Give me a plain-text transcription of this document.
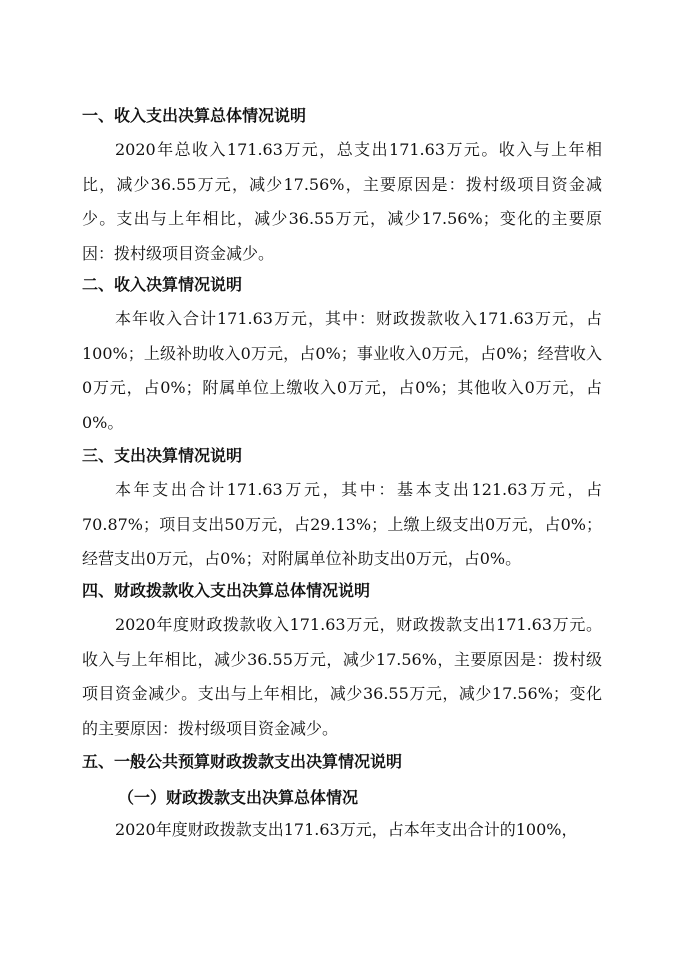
一、收入支出决算总体情况说明
2020年总收入171.63万元，总支出171.63万元。收入与上年相比，减少36.55万元，减少17.56%，主要原因是：拨村级项目资金减少。支出与上年相比，减少36.55万元，减少17.56%；变化的主要原因：拨村级项目资金减少。
二、收入决算情况说明
本年收入合计171.63万元，其中：财政拨款收入171.63万元，占100%；上级补助收入0万元，占0%；事业收入0万元，占0%；经营收入0万元，占0%；附属单位上缴收入0万元，占0%；其他收入0万元，占0%。
三、支出决算情况说明
本年支出合计171.63万元，其中：基本支出121.63万元，占70.87%；项目支出50万元，占29.13%；上缴上级支出0万元，占0%；经营支出0万元，占0%；对附属单位补助支出0万元，占0%。
四、财政拨款收入支出决算总体情况说明
2020年度财政拨款收入171.63万元，财政拨款支出171.63万元。收入与上年相比，减少36.55万元，减少17.56%，主要原因是：拨村级项目资金减少。支出与上年相比，减少36.55万元，减少17.56%；变化的主要原因：拨村级项目资金减少。
五、一般公共预算财政拨款支出决算情况说明
（一）财政拨款支出决算总体情况
2020年度财政拨款支出171.63万元，占本年支出合计的100%，
